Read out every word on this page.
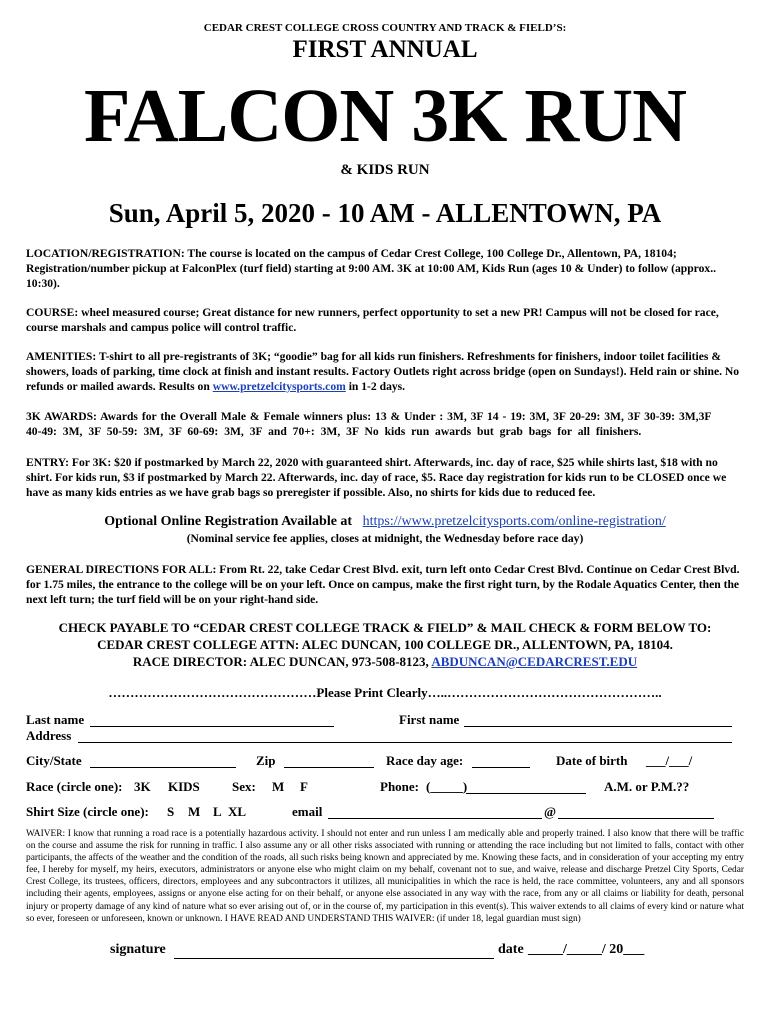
CEDAR CREST COLLEGE CROSS COUNTRY AND TRACK & FIELD’S:
FIRST ANNUAL
FALCON 3K RUN
& KIDS RUN
Sun, April 5, 2020 - 10 AM - ALLENTOWN, PA
LOCATION/REGISTRATION: The course is located on the campus of Cedar Crest College, 100 College Dr., Allentown, PA, 18104; Registration/number pickup at FalconPlex (turf field) starting at 9:00 AM. 3K at 10:00 AM, Kids Run (ages 10 & Under) to follow (approx.. 10:30).
COURSE: wheel measured course; Great distance for new runners, perfect opportunity to set a new PR! Campus will not be closed for race, course marshals and campus police will control traffic.
AMENITIES: T-shirt to all pre-registrants of 3K; “goodie” bag for all kids run finishers. Refreshments for finishers, indoor toilet facilities & showers, loads of parking, time clock at finish and instant results. Factory Outlets right across bridge (open on Sundays!). Held rain or shine. No refunds or mailed awards. Results on www.pretzelcitysports.com in 1-2 days.
3K AWARDS: Awards for the Overall Male & Female winners plus: 13 & Under : 3M, 3F 14 - 19: 3M, 3F 20-29: 3M, 3F 30-39: 3M,3F
40-49: 3M, 3F 50-59: 3M, 3F 60-69: 3M, 3F and 70+: 3M, 3F No kids run awards but grab bags for all finishers.
ENTRY: For 3K: $20 if postmarked by March 22, 2020 with guaranteed shirt. Afterwards, inc. day of race, $25 while shirts last, $18 with no shirt. For kids run, $3 if postmarked by March 22. Afterwards, inc. day of race, $5. Race day registration for kids run to be CLOSED once we have as many kids entries as we have grab bags so preregister if possible. Also, no shirts for kids due to reduced fee.
Optional Online Registration Available at https://www.pretzelcitysports.com/online-registration/
(Nominal service fee applies, closes at midnight, the Wednesday before race day)
GENERAL DIRECTIONS FOR ALL: From Rt. 22, take Cedar Crest Blvd. exit, turn left onto Cedar Crest Blvd. Continue on Cedar Crest Blvd. for 1.75 miles, the entrance to the college will be on your left. Once on campus, make the first right turn, by the Rodale Aquatics Center, then the next left turn; the turf field will be on your right-hand side.
CHECK PAYABLE TO “CEDAR CREST COLLEGE TRACK & FIELD” & MAIL CHECK & FORM BELOW TO:
CEDAR CREST COLLEGE ATTN: ALEC DUNCAN, 100 COLLEGE DR., ALLENTOWN, PA, 18104.
RACE DIRECTOR: ALEC DUNCAN, 973-508-8123, ABDUNCAN@CEDARCREST.EDU
…………………………………………Please Print Clearly…..…………………………………………..
Last name	First name
Address
City/State	Zip	Race day age:	Date of birth ___/___/
Race (circle one): 3K KIDS Sex: M F	Phone: (_____)	A.M. or P.M.??
Shirt Size (circle one): S M L XL	email	@
WAIVER: I know that running a road race is a potentially hazardous activity. I should not enter and run unless I am medically able and properly trained. I also know that there will be traffic on the course and assume the risk for running in traffic. I also assume any or all other risks associated with running or attending the race including but not limited to falls, contact with other participants, the affects of the weather and the condition of the roads, all such risks being known and appreciated by me. Knowing these facts, and in consideration of your accepting my entry fee, I hereby for myself, my heirs, executors, administrators or anyone else who might claim on my behalf, covenant not to sue, and waive, release and discharge Pretzel City Sports, Cedar Crest College, its trustees, officers, directors, employees and any subcontractors it utilizes, all municipalities in which the race is held, the race committee, volunteers, any and all sponsors including their agents, employees, assigns or anyone else acting for on their behalf, or anyone else associated in any way with the race, from any or all claims or liability for death, personal injury or property damage of any kind of nature what so ever arising out of, or in the course of, my participation in this event(s). This waiver extends to all claims of every kind or nature what so ever, foreseen or unforeseen, known or unknown. I HAVE READ AND UNDERSTAND THIS WAIVER: (if under 18, legal guardian must sign)
signature	date _____/_____/ 20___
